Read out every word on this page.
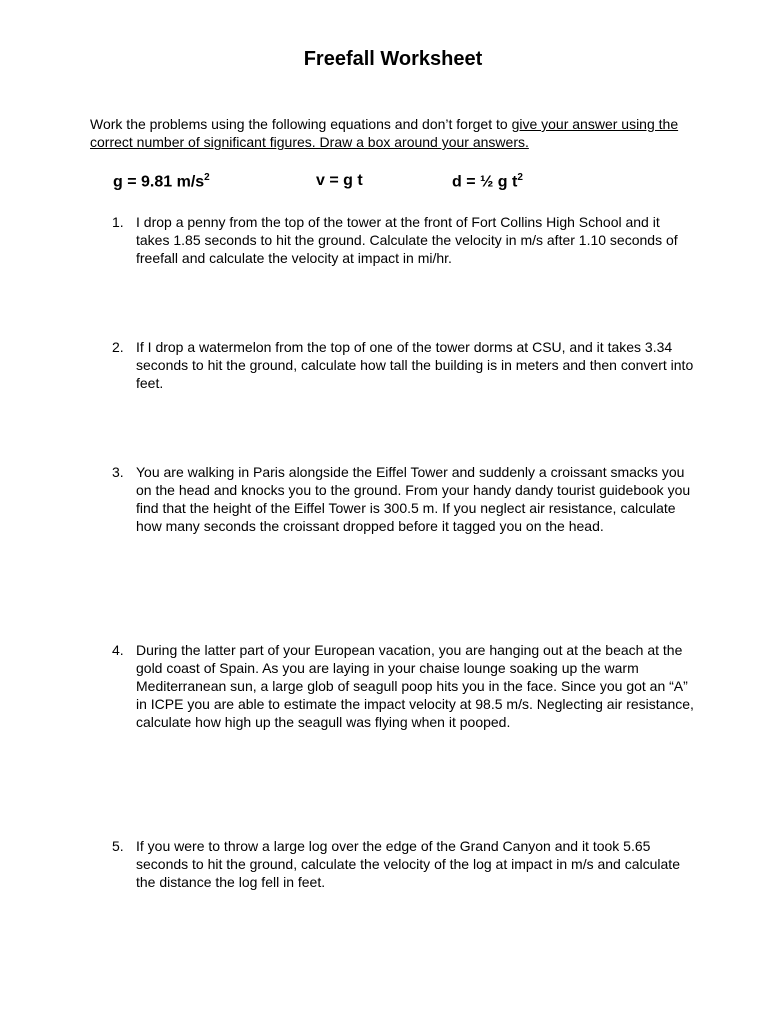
Freefall Worksheet
Work the problems using the following equations and don’t forget to give your answer using the correct number of significant figures. Draw a box around your answers.
g = 9.81 $m/s^2$	v = g t	d = ½ g $t^2$
1. I drop a penny from the top of the tower at the front of Fort Collins High School and it takes 1.85 seconds to hit the ground. Calculate the velocity in m/s after 1.10 seconds of freefall and calculate the velocity at impact in mi/hr.
2. If I drop a watermelon from the top of one of the tower dorms at CSU, and it takes 3.34 seconds to hit the ground, calculate how tall the building is in meters and then convert into feet.
3. You are walking in Paris alongside the Eiffel Tower and suddenly a croissant smacks you on the head and knocks you to the ground. From your handy dandy tourist guidebook you find that the height of the Eiffel Tower is 300.5 m. If you neglect air resistance, calculate how many seconds the croissant dropped before it tagged you on the head.
4. During the latter part of your European vacation, you are hanging out at the beach at the gold coast of Spain. As you are laying in your chaise lounge soaking up the warm Mediterranean sun, a large glob of seagull poop hits you in the face. Since you got an “A” in ICPE you are able to estimate the impact velocity at 98.5 m/s. Neglecting air resistance, calculate how high up the seagull was flying when it pooped.
5. If you were to throw a large log over the edge of the Grand Canyon and it took 5.65 seconds to hit the ground, calculate the velocity of the log at impact in m/s and calculate the distance the log fell in feet.
